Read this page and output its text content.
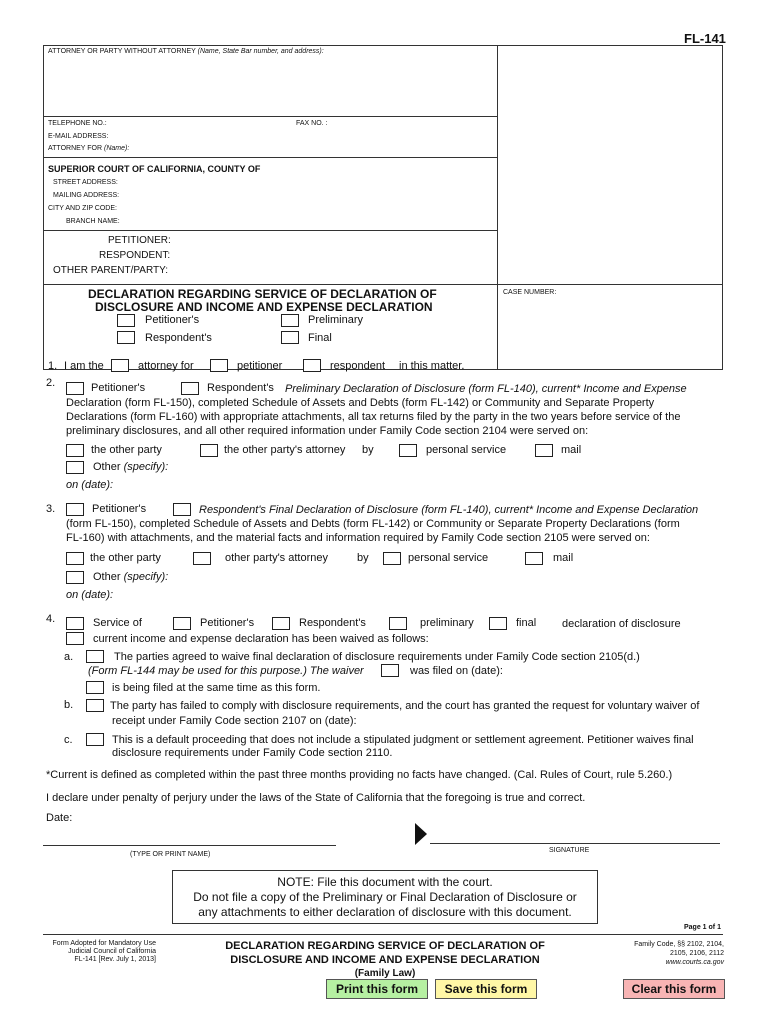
FL-141
ATTORNEY OR PARTY WITHOUT ATTORNEY (Name, State Bar number, and address):
TELEPHONE NO.:	FAX NO. :
E-MAIL ADDRESS:
ATTORNEY FOR (Name):
SUPERIOR COURT OF CALIFORNIA, COUNTY OF
STREET ADDRESS:
MAILING ADDRESS:
CITY AND ZIP CODE:
BRANCH NAME:
PETITIONER:
RESPONDENT:
OTHER PARENT/PARTY:
DECLARATION REGARDING SERVICE OF DECLARATION OF
DISCLOSURE AND INCOME AND EXPENSE DECLARATION
CASE NUMBER:
Petitioner's	Preliminary
Respondent's	Final
1. I am the	attorney for	petitioner	respondent in this matter.
2.	Petitioner's	Respondent's Preliminary Declaration of Disclosure (form FL-140), current* Income and Expense
Declaration (form FL-150), completed Schedule of Assets and Debts (form FL-142) or Community and Separate Property
Declarations (form FL-160) with appropriate attachments, all tax returns filed by the party in the two years before service of the
preliminary disclosures, and all other required information under Family Code section 2104 were served on:
the other party	the other party's attorney by	personal service	mail
Other (specify):
on (date):
3.	Petitioner's	Respondent's Final Declaration of Disclosure (form FL-140), current* Income and Expense Declaration
(form FL-150), completed Schedule of Assets and Debts (form FL-142) or Community or Separate Property Declarations (form
FL-160) with attachments, and the material facts and information required by Family Code section 2105 were served on:
the other party	other party's attorney	by	personal service	mail
Other (specify):
on (date):
4.	Service of	Petitioner's	Respondent's	preliminary	final declaration of disclosure
current income and expense declaration has been waived as follows:
a.	The parties agreed to waive final declaration of disclosure requirements under Family Code section 2105(d.)
(Form FL-144 may be used for this purpose.) The waiver	was filed on (date):
is being filed at the same time as this form.
b.	The party has failed to comply with disclosure requirements, and the court has granted the request for voluntary waiver of
receipt under Family Code section 2107 on (date):
c.	This is a default proceeding that does not include a stipulated judgment or settlement agreement. Petitioner waives final
disclosure requirements under Family Code section 2110.
*Current is defined as completed within the past three months providing no facts have changed. (Cal. Rules of Court, rule 5.260.)
I declare under penalty of perjury under the laws of the State of California that the foregoing is true and correct.
Date:
(TYPE OR PRINT NAME)
SIGNATURE
NOTE: File this document with the court.
Do not file a copy of the Preliminary or Final Declaration of Disclosure or
any attachments to either declaration of disclosure with this document.
Page 1 of 1
Form Adopted for Mandatory Use
Judicial Council of California
FL-141 [Rev. July 1, 2013]
DECLARATION REGARDING SERVICE OF DECLARATION OF
DISCLOSURE AND INCOME AND EXPENSE DECLARATION
(Family Law)
Family Code, §§ 2102, 2104,
2105, 2106, 2112
www.courts.ca.gov
Print this form	Save this form	Clear this form
